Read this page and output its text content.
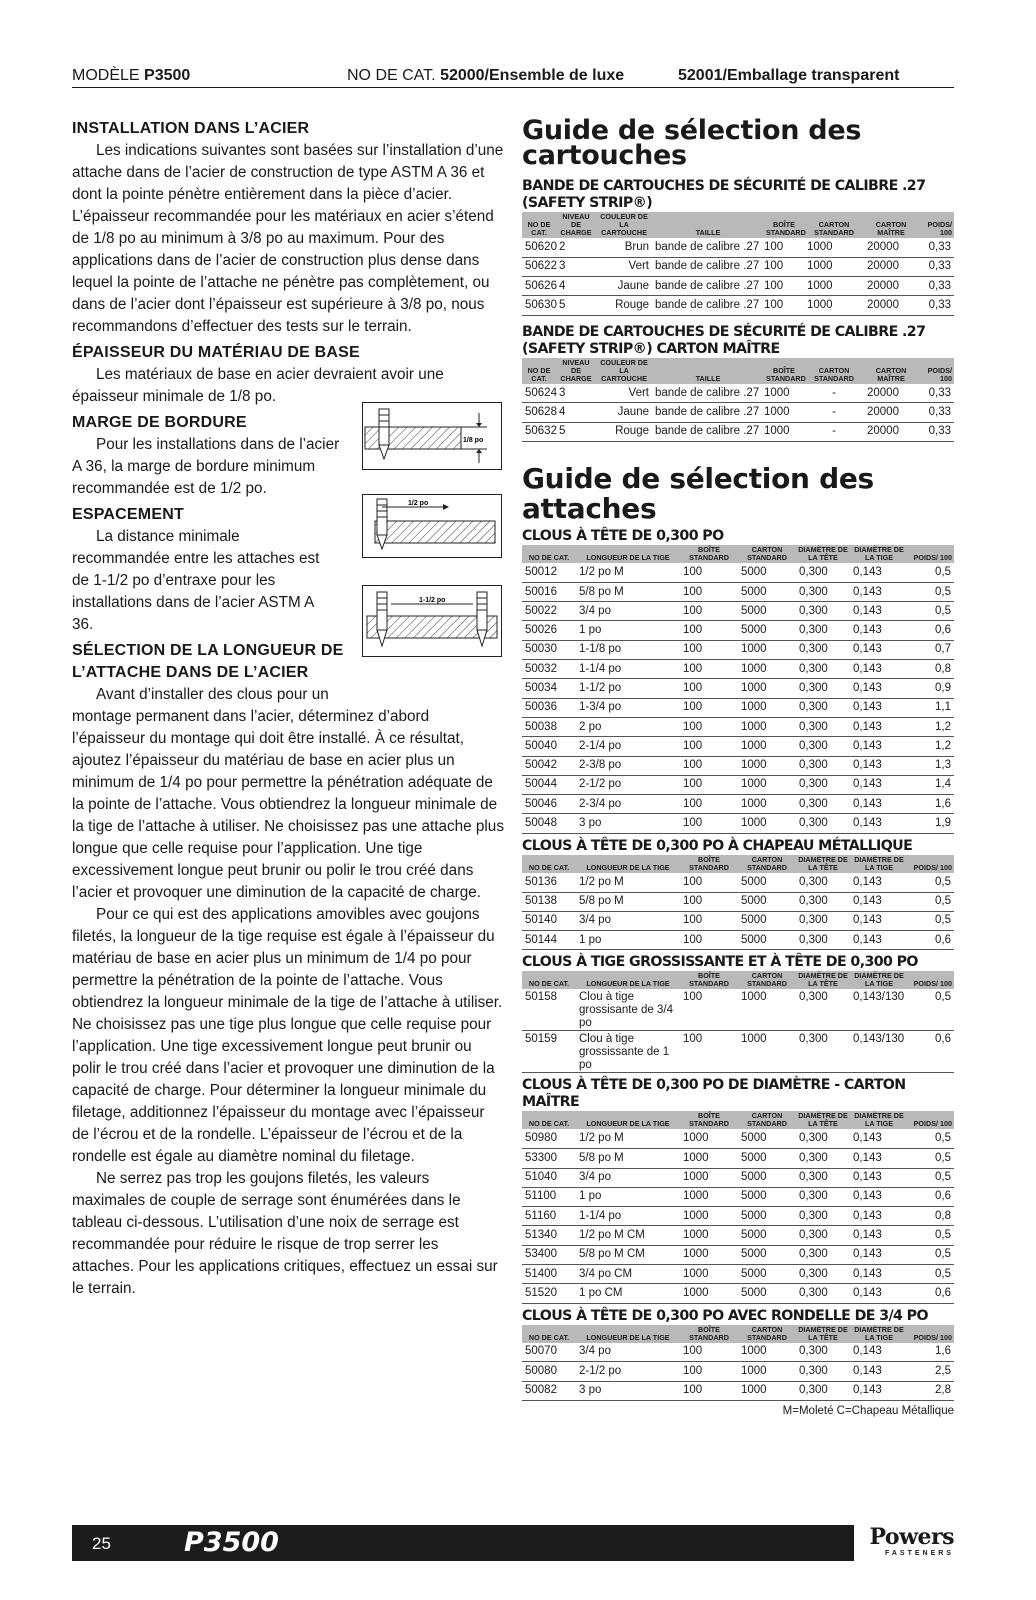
MODÈLE P3500	NO DE CAT. 52000/Ensemble de luxe	52001/Emballage transparent
INSTALLATION DANS L’ACIER

Les indications suivantes sont basées sur l’installation d’une attache dans de l’acier de construction de type ASTM A 36 et dont la pointe pénètre entièrement dans la pièce d’acier. L’épaisseur recommandée pour les matériaux en acier s’étend de 1/8 po au minimum à 3/8 po au maximum. Pour des applications dans de l’acier de construction plus dense dans lequel la pointe de l’attache ne pénètre pas complètement, ou dans de l’acier dont l’épaisseur est supérieure à 3/8 po, nous recommandons d’effectuer des tests sur le terrain.

ÉPAISSEUR DU MATÉRIAU DE BASE

Les matériaux de base en acier devraient avoir une épaisseur minimale de 1/8 po.

MARGE DE BORDURE

Pour les installations dans de l’acier A 36, la marge de bordure minimum recommandée est de 1/2 po.

ESPACEMENT

La distance minimale recommandée entre les attaches est de 1-1/2 po d’entraxe pour les installations dans de l’acier ASTM A 36.

SÉLECTION DE LA LONGUEUR DE
L’ATTACHE DANS DE L’ACIER

Avant d’installer des clous pour un

montage permanent dans l’acier, déterminez d’abord l’épaisseur du montage qui doit être installé. À ce résultat, ajoutez l’épaisseur du matériau de base en acier plus un minimum de 1/4 po pour permettre la pénétration adéquate de la pointe de l’attache. Vous obtiendrez la longueur minimale de la tige de l’attache à utiliser. Ne choisissez pas une attache plus longue que celle requise pour l’application. Une tige excessivement longue peut brunir ou polir le trou créé dans l’acier et provoquer une diminution de la capacité de charge.

Pour ce qui est des applications amovibles avec goujons filetés, la longueur de la tige requise est égale à l’épaisseur du matériau de base en acier plus un minimum de 1/4 po pour permettre la pénétration de la pointe de l’attache. Vous obtiendrez la longueur minimale de la tige de l’attache à utiliser. Ne choisissez pas une tige plus longue que celle requise pour l’application. Une tige excessivement longue peut brunir ou polir le trou créé dans l’acier et provoquer une diminution de la capacité de charge. Pour déterminer la longueur minimale du filetage, additionnez l’épaisseur du montage avec l’épaisseur de l’écrou et de la rondelle. L’épaisseur de l’écrou et de la rondelle est égale au diamètre nominal du filetage.

Ne serrez pas trop les goujons filetés, les valeurs maximales de couple de serrage sont énumérées dans le tableau ci-dessous. L’utilisation d’une noix de serrage est recommandée pour réduire le risque de trop serrer les attaches. Pour les applications critiques, effectuez un essai sur le terrain.

1/8 po
1/2 po
1-1/2 po
Guide de sélection des
cartouches
BANDE DE CARTOUCHES DE SÉCURITÉ DE CALIBRE .27 (SAFETY STRIP®)
NO DE CAT.	NIVEAU DE CHARGE	COULEUR DE LA CARTOUCHE	TAILLE	BOÎTE STANDARD	CARTON STANDARD	CARTON MAÎTRE	POIDS/ 100
50620	2	Brun	bande de calibre .27	100	1000	20000	0,33
50622	3	Vert	bande de calibre .27	100	1000	20000	0,33
50626	4	Jaune	bande de calibre .27	100	1000	20000	0,33
50630	5	Rouge	bande de calibre .27	100	1000	20000	0,33
BANDE DE CARTOUCHES DE SÉCURITÉ DE CALIBRE .27
(SAFETY STRIP®) CARTON MAÎTRE
NO DE CAT.	NIVEAU DE CHARGE	COULEUR DE LA CARTOUCHE	TAILLE	BOÎTE STANDARD	CARTON STANDARD	CARTON MAÎTRE	POIDS/ 100
50624	3	Vert	bande de calibre .27	1000	-	20000	0,33
50628	4	Jaune	bande de calibre .27	1000	-	20000	0,33
50632	5	Rouge	bande de calibre .27	1000	-	20000	0,33
Guide de sélection des
attaches
CLOUS À TÊTE DE 0,300 PO
NO DE CAT.	LONGUEUR DE LA TIGE	BOÎTE STANDARD	CARTON STANDARD	DIAMÈTRE DE LA TÊTE	DIAMÈTRE DE LA TIGE	POIDS/ 100
50012	1/2 po M	100	5000	0,300	0,143	0,5
50016	5/8 po M	100	5000	0,300	0,143	0,5
50022	3/4 po	100	5000	0,300	0,143	0,5
50026	1 po	100	5000	0,300	0,143	0,6
50030	1-1/8 po	100	1000	0,300	0,143	0,7
50032	1-1/4 po	100	1000	0,300	0,143	0,8
50034	1-1/2 po	100	1000	0,300	0,143	0,9
50036	1-3/4 po	100	1000	0,300	0,143	1,1
50038	2 po	100	1000	0,300	0,143	1,2
50040	2-1/4 po	100	1000	0,300	0,143	1,2
50042	2-3/8 po	100	1000	0,300	0,143	1,3
50044	2-1/2 po	100	1000	0,300	0,143	1,4
50046	2-3/4 po	100	1000	0,300	0,143	1,6
50048	3 po	100	1000	0,300	0,143	1,9
CLOUS À TÊTE DE 0,300 PO À CHAPEAU MÉTALLIQUE
NO DE CAT.	LONGUEUR DE LA TIGE	BOÎTE STANDARD	CARTON STANDARD	DIAMÈTRE DE LA TÊTE	DIAMÈTRE DE LA TIGE	POIDS/ 100
50136	1/2 po M	100	5000	0,300	0,143	0,5
50138	5/8 po M	100	5000	0,300	0,143	0,5
50140	3/4 po	100	5000	0,300	0,143	0,5
50144	1 po	100	5000	0,300	0,143	0,6
CLOUS À TIGE GROSSISSANTE ET À TÊTE DE 0,300 PO
NO DE CAT.	LONGUEUR DE LA TIGE	BOÎTE STANDARD	CARTON STANDARD	DIAMÈTRE DE LA TÊTE	DIAMÈTRE DE LA TIGE	POIDS/ 100
50158	Clou à tige grossisante de 3/4 po	100	1000	0,300	0,143/130	0,5
50159	Clou à tige grossissante de 1 po	100	1000	0,300	0,143/130	0,6
CLOUS À TÊTE DE 0,300 PO DE DIAMÈTRE - CARTON MAÎTRE
NO DE CAT.	LONGUEUR DE LA TIGE	BOÎTE STANDARD	CARTON STANDARD	DIAMÈTRE DE LA TÊTE	DIAMÈTRE DE LA TIGE	POIDS/ 100
50980	1/2 po M	1000	5000	0,300	0,143	0,5
53300	5/8 po M	1000	5000	0,300	0,143	0,5
51040	3/4 po	1000	5000	0,300	0,143	0,5
51100	1 po	1000	5000	0,300	0,143	0,6
51160	1-1/4 po	1000	5000	0,300	0,143	0,8
51340	1/2 po M CM	1000	5000	0,300	0,143	0,5
53400	5/8 po M CM	1000	5000	0,300	0,143	0,5
51400	3/4 po CM	1000	5000	0,300	0,143	0,5
51520	1 po CM	1000	5000	0,300	0,143	0,6
CLOUS À TÊTE DE 0,300 PO AVEC RONDELLE DE 3/4 PO
NO DE CAT.	LONGUEUR DE LA TIGE	BOÎTE STANDARD	CARTON STANDARD	DIAMÈTRE DE LA TÊTE	DIAMÈTRE DE LA TIGE	POIDS/ 100
50070	3/4 po	100	1000	0,300	0,143	1,6
50080	2-1/2 po	100	1000	0,300	0,143	2,5
50082	3 po	100	1000	0,300	0,143	2,8
M=Moleté C=Chapeau Métallique
25	P3500	Powers
FASTENERS
